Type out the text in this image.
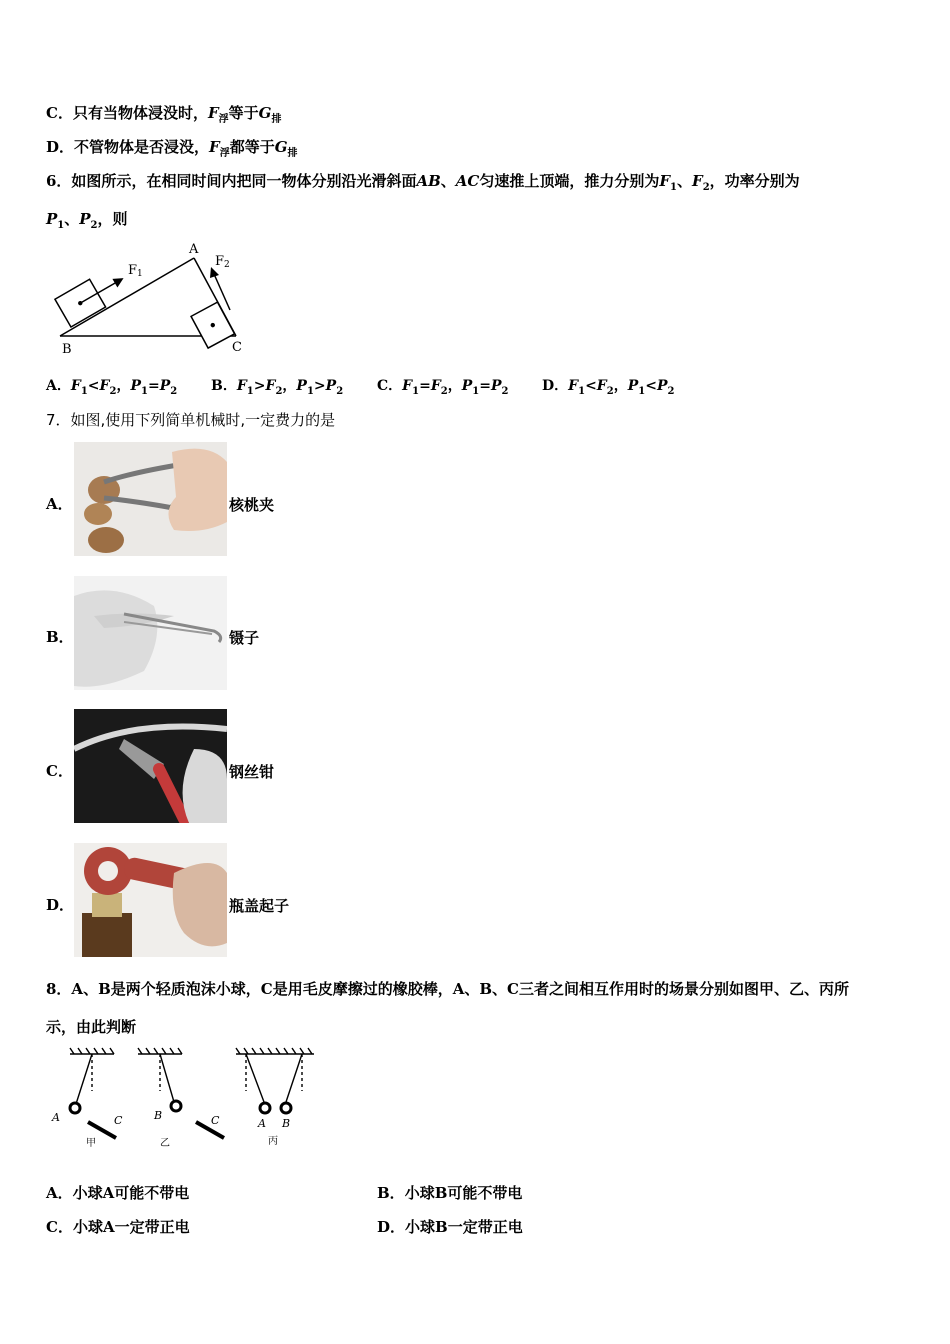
C．只有当物体浸没时，$F_浮$等于$G_排$
D．不管物体是否浸没，$F_浮$都等于$G_排$
6．如图所示，在相同时间内把同一物体分别沿光滑斜面AB、AC匀速推上顶端，推力分别为$F_1$、$F_2$，功率分别为
$P_1$、$P_2$，则
A
B	C
F1
F2
A．$F_1<F_2$，$P_1=P_2$ B．$F_1>F_2$，$P_1>P_2$ C．$F_1=F_2$，$P_1=P_2$ D．$F_1<F_2$，$P_1<P_2$
7．如图,使用下列简单机械时,一定费力的是
A．	核桃夹
B．	镊子
C．	钢丝钳
D．	瓶盖起子
8．A、B是两个轻质泡沫小球，C是用毛皮摩擦过的橡胶棒，A、B、C三者之间相互作用时的场景分别如图甲、乙、丙所
示，由此判断
A	C
甲
B	C
乙
A B
丙
A．小球A可能不带电	B．小球B可能不带电
C．小球A一定带正电	D．小球B一定带正电
